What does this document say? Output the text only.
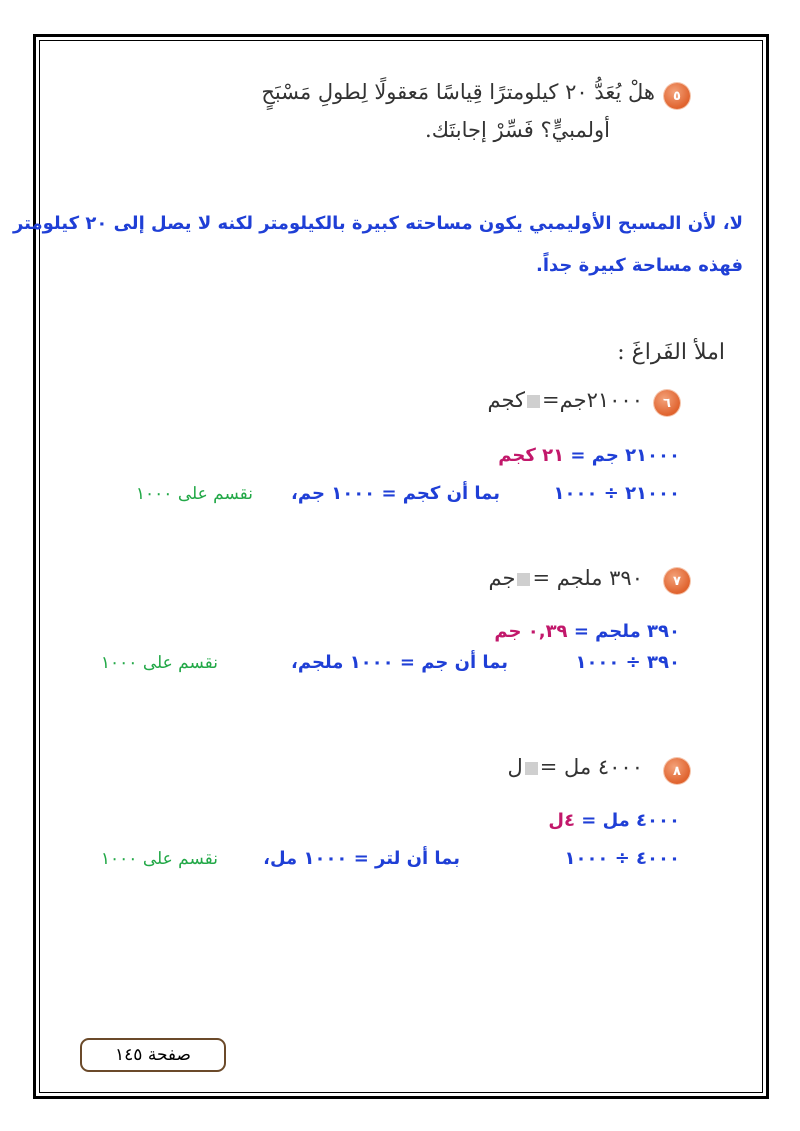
٥
هلْ يُعَدُّ ٢٠ كيلومترًا قِياسًا مَعقولًا لِطولِ مَسْبَحٍ
أولمبيٍّ؟ فَسِّرْ إجابتَك.
لا، لأن المسبح الأوليمبي يكون مساحته كبيرة بالكيلومتر لكنه لا يصل إلى ٢٠ كيلومتر
فهذه مساحة كبيرة جداً.
املأ الفَراغَ :
٦
٢١٠٠٠جم=كجم
٢١٠٠٠ جم = ٢١ كجم
٢١٠٠٠ ÷ ١٠٠٠
بما أن كجم = ١٠٠٠ جم،
نقسم على ١٠٠٠
٧
٣٩٠ ملجم =جم
٣٩٠ ملجم = ٠,٣٩ جم
٣٩٠ ÷ ١٠٠٠
بما أن جم = ١٠٠٠ ملجم،
نقسم على ١٠٠٠
٨
٤٠٠٠ مل =ل
٤٠٠٠ مل = ٤ل
٤٠٠٠ ÷ ١٠٠٠
بما أن لتر = ١٠٠٠ مل،
نقسم على ١٠٠٠
صفحة ١٤٥
